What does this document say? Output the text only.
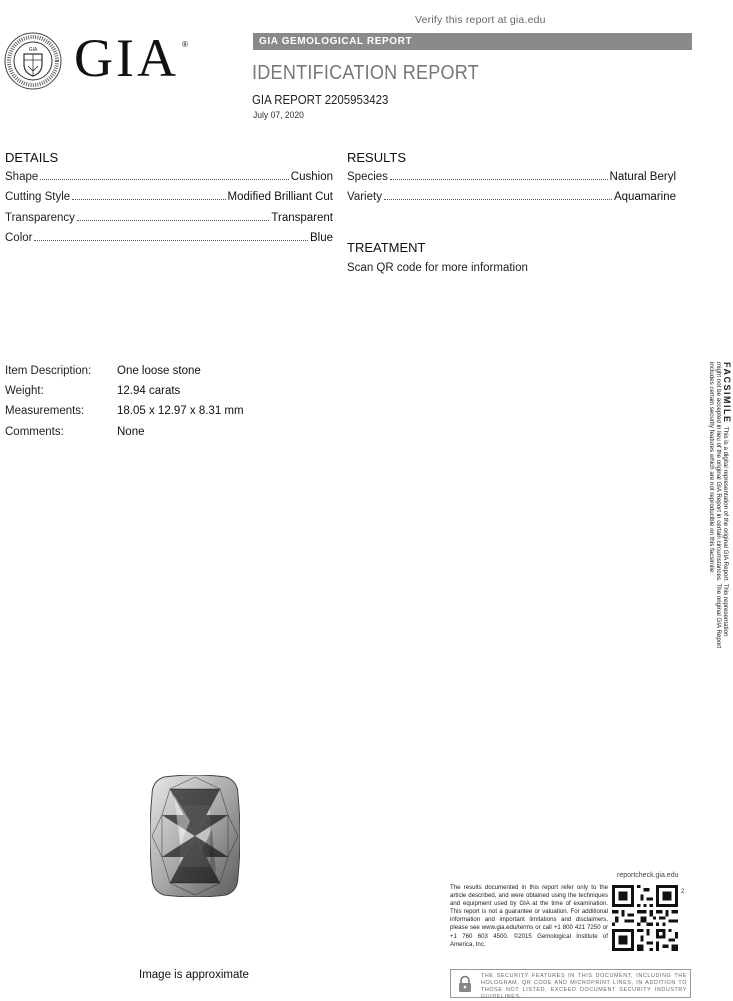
Verify this report at gia.edu
GIA GIA ®	GIA GEMOLOGICAL REPORT
IDENTIFICATION REPORT
GIA REPORT 2205953423
July 07, 2020
DETAILS
Shape	Cushion
Cutting Style	Modified Brilliant Cut
Transparency	Transparent
Color	Blue
RESULTS
Species	Natural Beryl
Variety	Aquamarine
TREATMENT
Scan QR code for more information
Item Description: One loose stone
Weight:	12.94 carats
Measurements:	18.05 x 12.97 x 8.31 mm
Comments:	None
FACSIMILE  This is a digital representation of the original GIA Report. This representation might not be accepted in lieu of the original GIA Report in certain circumstances. The original GIA Report includes certain security features which are not reproducible on this facsimile.
Image is approximate
The results documented in this report refer only to the article described, and were obtained using the techniques and equipment used by GIA at the time of examination. This report is not a guarantee or valuation. For additional information and important limitations and disclaimers, please see www.gia.edu/terms or call +1 800 421 7250 or +1 760 603 4500. ©2015 Gemological Institute of America, Inc.
reportcheck.gia.edu
2
THE SECURITY FEATURES IN THIS DOCUMENT, INCLUDING THE HOLOGRAM, QR CODE AND MICROPRINT LINES, IN ADDITION TO THOSE NOT LISTED, EXCEED DOCUMENT SECURITY INDUSTRY GUIDELINES.
